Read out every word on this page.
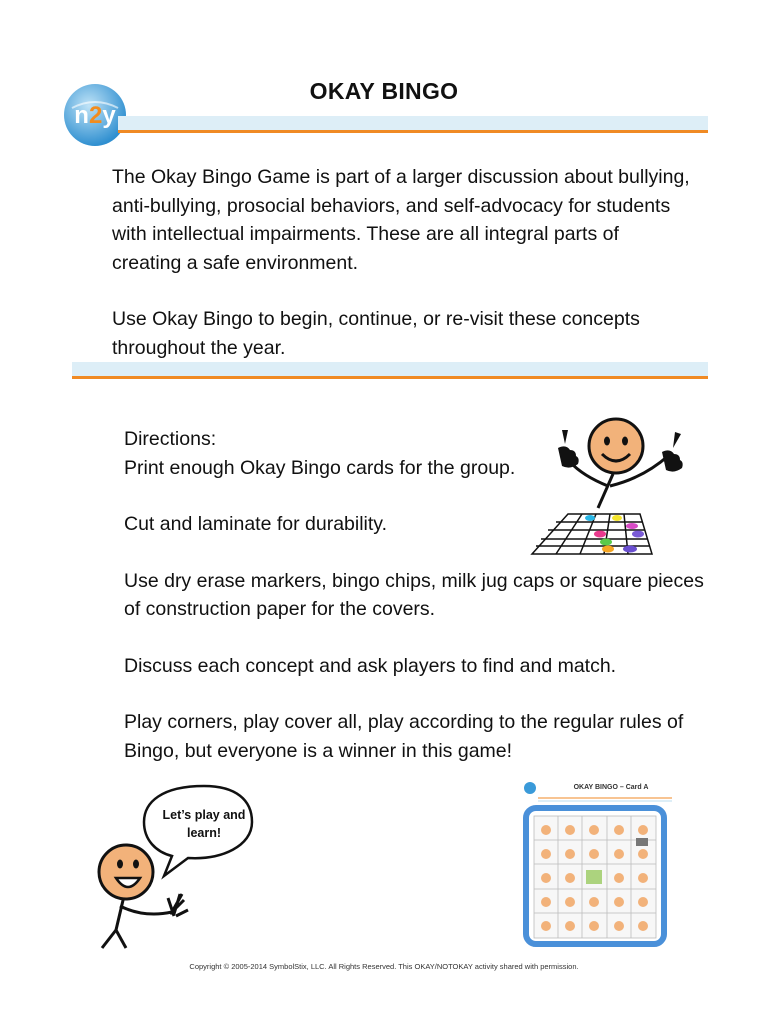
n2y
OKAY BINGO

The Okay Bingo Game is part of a larger discussion about bullying, anti-bullying, prosocial behaviors, and self-advocacy for students with intellectual impairments. These are all integral parts of creating a safe environment.

Use Okay Bingo to begin, continue, or re-visit these concepts throughout the year.

Directions:

Print enough Okay Bingo cards for the group.

Cut and laminate for durability.

Use dry erase markers, bingo chips, milk jug caps or square pieces of construction paper for the covers.

Discuss each concept and ask players to find and match.

Play corners, play cover all, play according to the regular rules of Bingo, but everyone is a winner in this game!

Let’s play and learn!
OKAY BINGO – Card A
Copyright © 2005-2014 SymbolStix, LLC. All Rights Reserved. This OKAY/NOTOKAY activity shared with permission.
